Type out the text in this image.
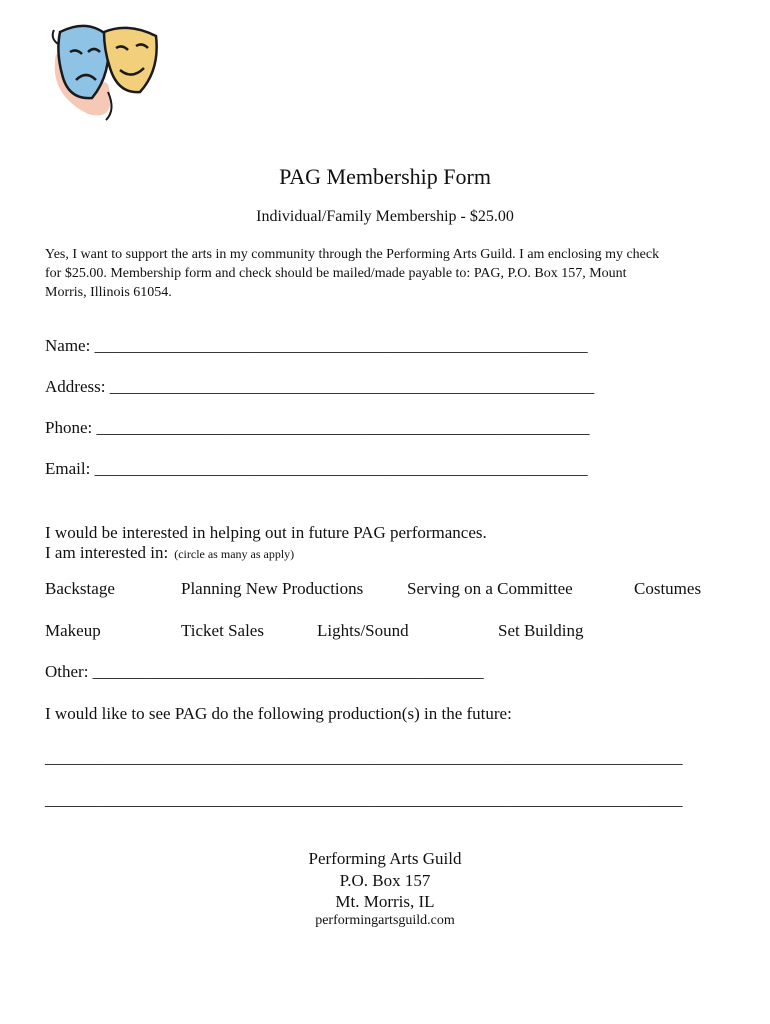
PAG Membership Form
Individual/Family Membership - $25.00

Yes, I want to support the arts in my community through the Performing Arts Guild. I am enclosing my check

for $25.00. Membership form and check should be mailed/made payable to: PAG, P.O. Box 157, Mount

Morris, Illinois 61054.

Name: __________________________________________________________
Address: _________________________________________________________
Phone: __________________________________________________________
Email: __________________________________________________________
I would be interested in helping out in future PAG performances.
I am interested in: (circle as many as apply)
Backstage	Planning New Productions	Serving on a Committee	Costumes
Makeup	Ticket Sales	Lights/Sound	Set Building
Other: ______________________________________________
I would like to see PAG do the following production(s) in the future:
___________________________________________________________________________
___________________________________________________________________________
Performing Arts Guild
P.O. Box 157
Mt. Morris, IL
performingartsguild.com
